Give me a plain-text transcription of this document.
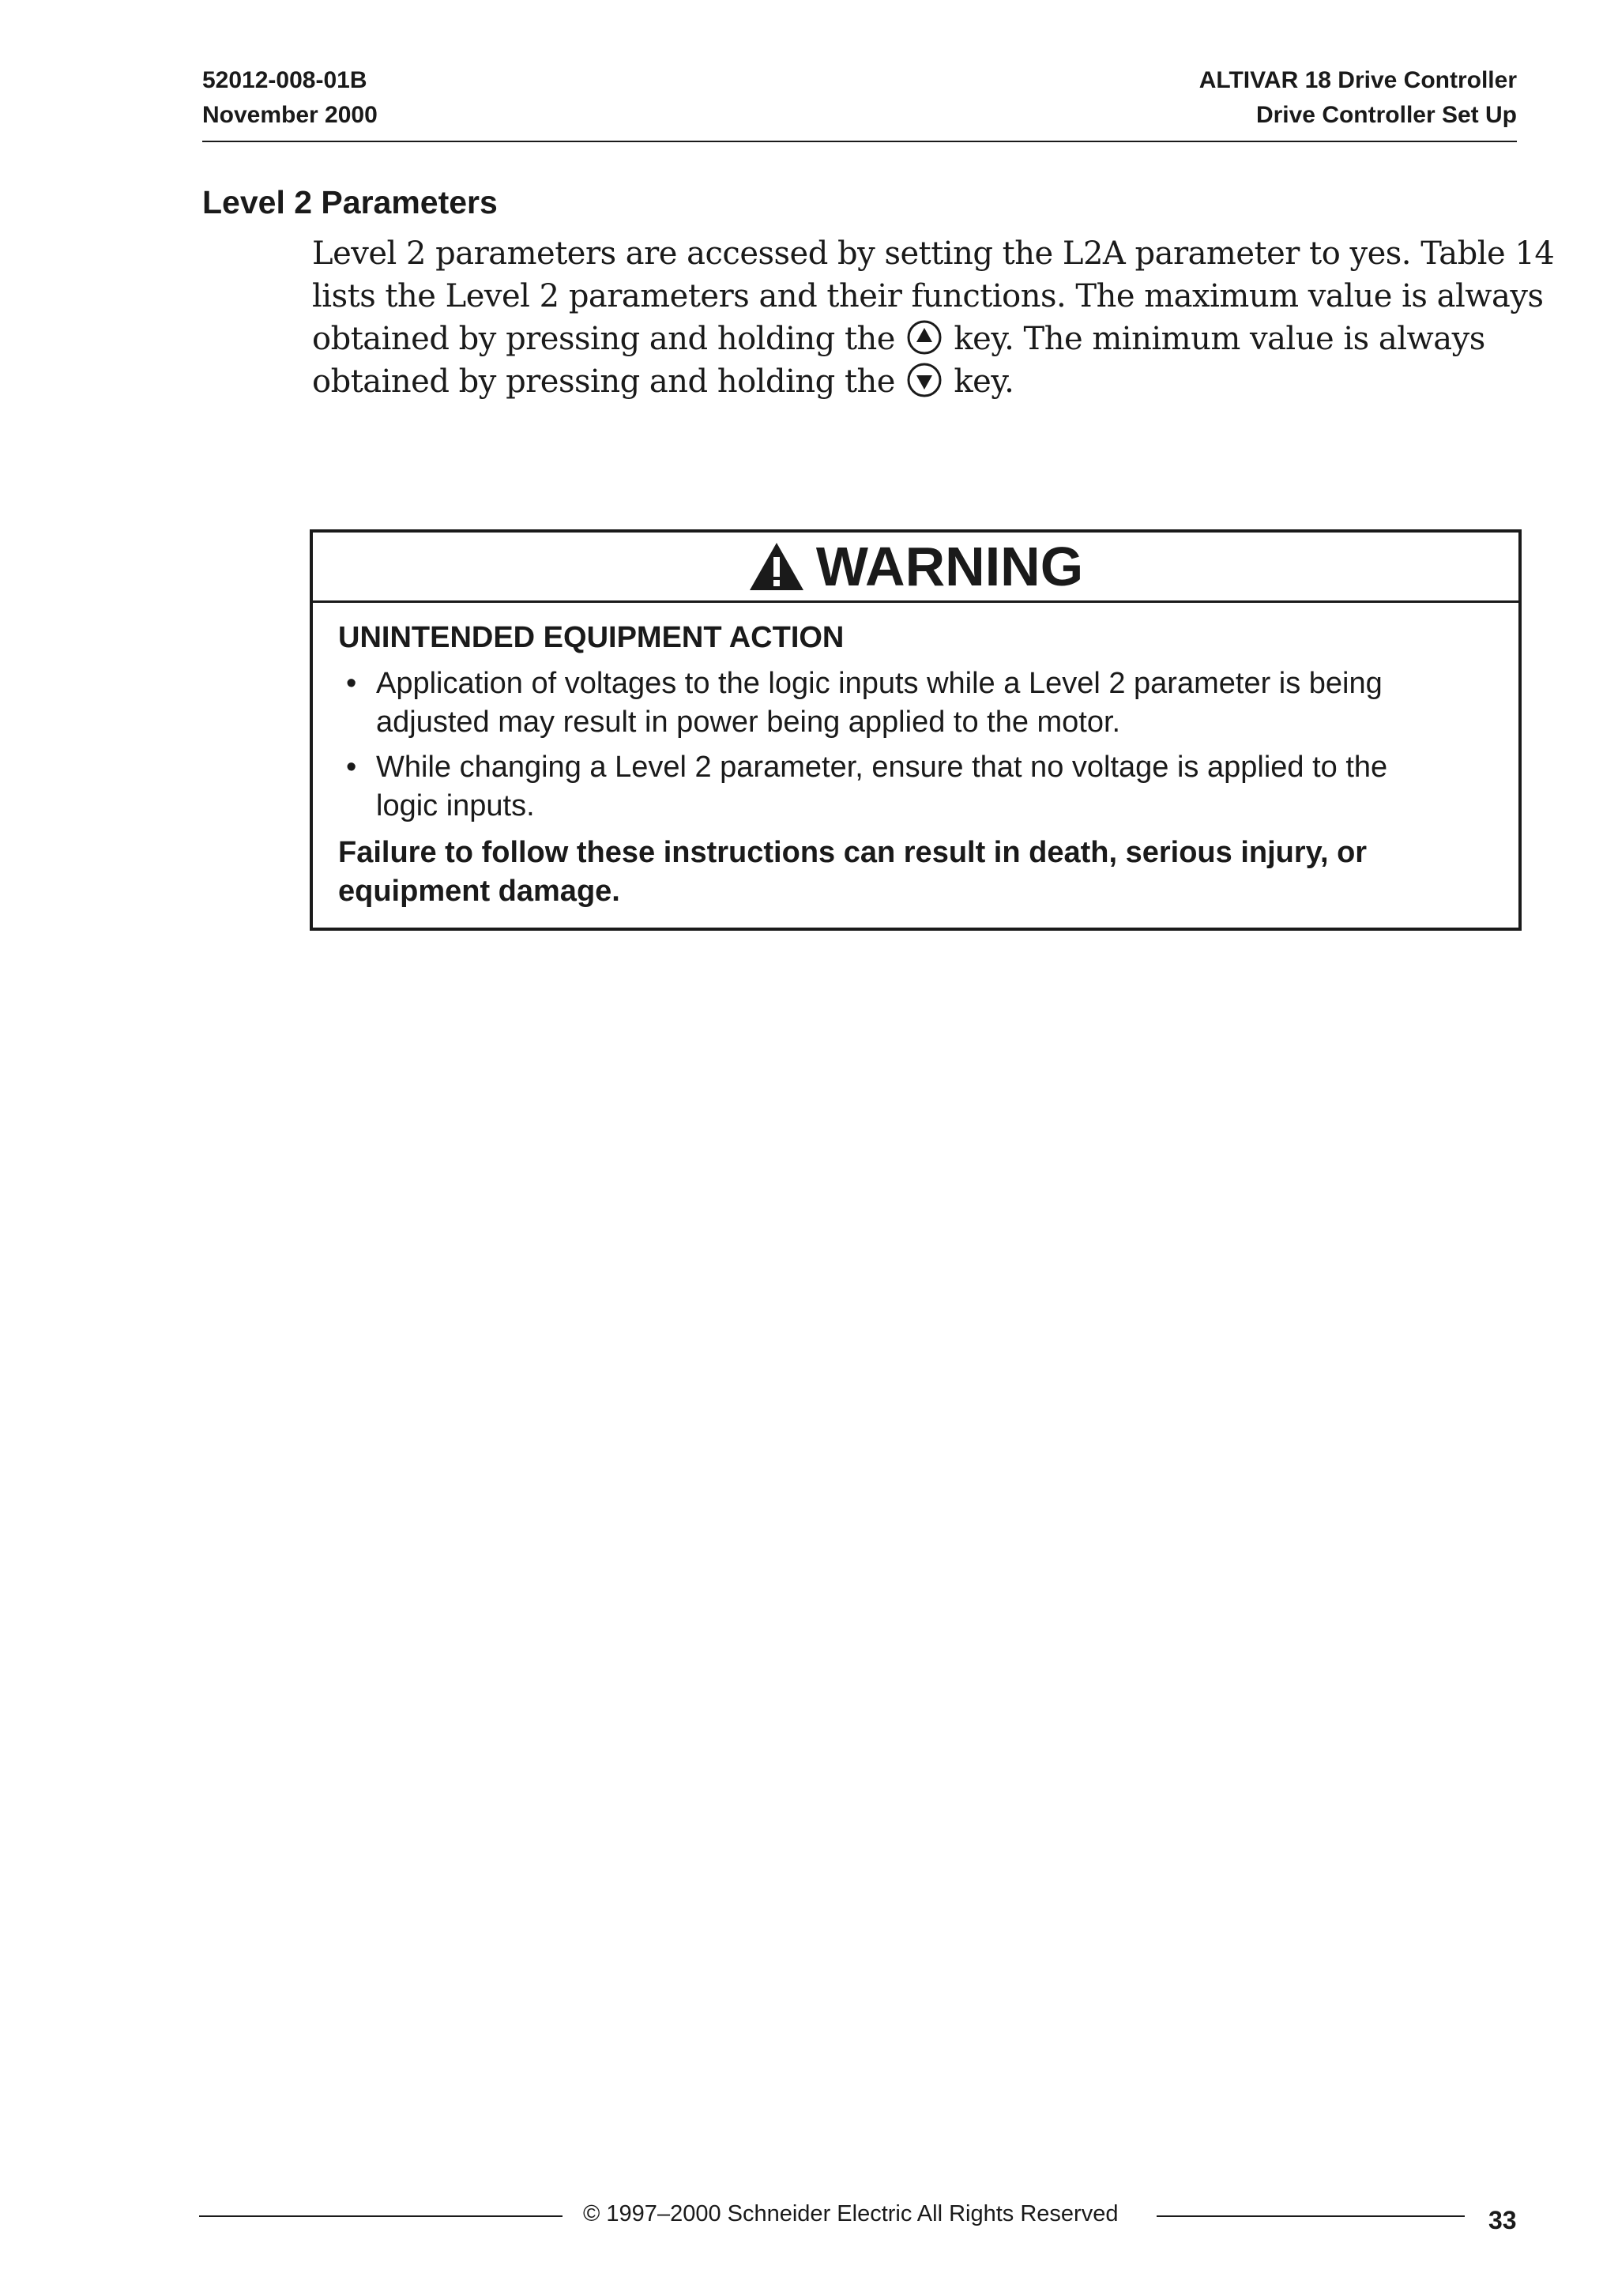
52012-008-01B
November 2000
ALTIVAR 18 Drive Controller
Drive Controller Set Up
Level 2 Parameters
Level 2 parameters are accessed by setting the L2A parameter to yes. Table 14
lists the Level 2 parameters and their functions. The maximum value is always
obtained by pressing and holding the key. The minimum value is always
obtained by pressing and holding the key.
WARNING
UNINTENDED EQUIPMENT ACTION
• Application of voltages to the logic inputs while a Level 2 parameter is being
adjusted may result in power being applied to the motor.
• While changing a Level 2 parameter, ensure that no voltage is applied to the
logic inputs.
Failure to follow these instructions can result in death, serious injury, or
equipment damage.
© 1997–2000 Schneider Electric All Rights Reserved	33
